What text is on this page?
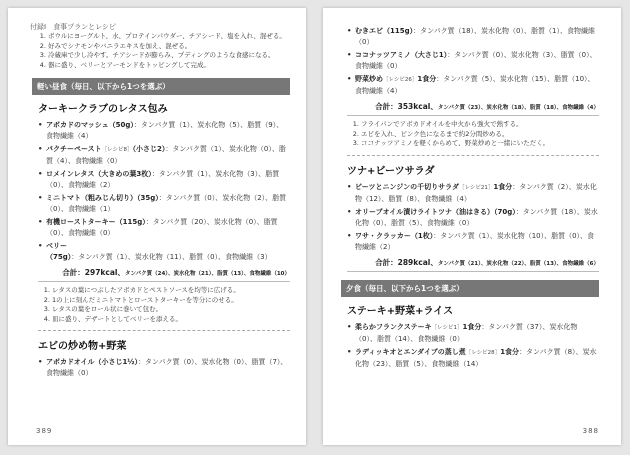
付録Ⅰ　食事プランとレシピ
1. ボウルにヨーグルト、水、プロテインパウダー、チアシード、塩を入れ、混ぜる。
2. 好みでシナモンやバニラエキスを加え、混ぜる。
3. 冷蔵庫で少し冷やす。チアシードが膨らみ、プディングのような食感になる。
4. 器に盛り、ベリーとアーモンドをトッピングして完成。
軽い昼食（毎日、以下から1つを選ぶ）
ターキークラブのレタス包み
• アボカドのマッシュ（50g）：タンパク質（1）、炭水化物（5）、脂質（9）、食物繊維（4）
• バクチーペースト［レシピ8］（小さじ2）：タンパク質（1）、炭水化物（0）、脂質（4）、食物繊維（0）
• ロメインレタス（大きめの葉3枚）：タンパク質（1）、炭水化物（3）、脂質（0）、食物繊維（2）
• ミニトマト（粗みじん切り）（35g）：タンパク質（0）、炭水化物（2）、脂質（0）、食物繊維（1）
• 有機ローストターキー（115g）：タンパク質（20）、炭水化物（0）、脂質（0）、食物繊維（0）
• ベリー（75g）：タンパク質（1）、炭水化物（11）、脂質（0）、食物繊維（3）
合計：297kcal、タンパク質（24）、炭水化物（21）、脂質（13）、食物繊維（10）
1. レタスの葉につぶしたアボカドとペストソースを均等に広げる。
2. 1の上に刻んだミニトマトとローストターキーを等分にのせる。
3. レタスの葉をロール状に巻いて包む。
4. 皿に盛り、デザートとしてベリーを添える。
エビの炒め物+野菜
• アボカドオイル（小さじ1½）：タンパク質（0）、炭水化物（0）、脂質（7）、食物繊維（0）
389
• むきエビ（115g）：タンパク質（18）、炭水化物（0）、脂質（1）、食物繊維（0）
• ココナッツアミノ（大さじ1）：タンパク質（0）、炭水化物（3）、脂質（0）、食物繊維（0）
• 野菜炒め［レシピ26］1食分：タンパク質（5）、炭水化物（15）、脂質（10）、食物繊維（4）
合計：353kcal、タンパク質（23）、炭水化物（18）、脂質（18）、食物繊維（4）
1. フライパンでアボカドオイルを中火から強火で熱する。
2. エビを入れ、ピンク色になるまで約2分間炒める。
3. ココナッツアミノを軽くからめて、野菜炒めと一緒にいただく。
ツナ+ビーツサラダ
• ビーツとニンジンの千切りサラダ［レシピ21］1食分：タンパク質（2）、炭水化物（12）、脂質（8）、食物繊維（4）
• オリーブオイル漬けライトツナ（油はきる）（70g）：タンパク質（18）、炭水化物（0）、脂質（5）、食物繊維（0）
• ワサ・クラッカー（1枚）：タンパク質（1）、炭水化物（10）、脂質（0）、食物繊維（2）
合計：289kcal、タンパク質（21）、炭水化物（22）、脂質（13）、食物繊維（6）
夕食（毎日、以下から1つを選ぶ）
ステーキ+野菜+ライス
• 柔らかフランクステーキ［レシピ1］1食分：タンパク質（37）、炭水化物（0）、脂質（14）、食物繊維（0）
• ラディッキオとエンダイブの蒸し煮［レシピ28］1食分：タンパク質（8）、炭水化物（23）、脂質（5）、食物繊維（14）
388
